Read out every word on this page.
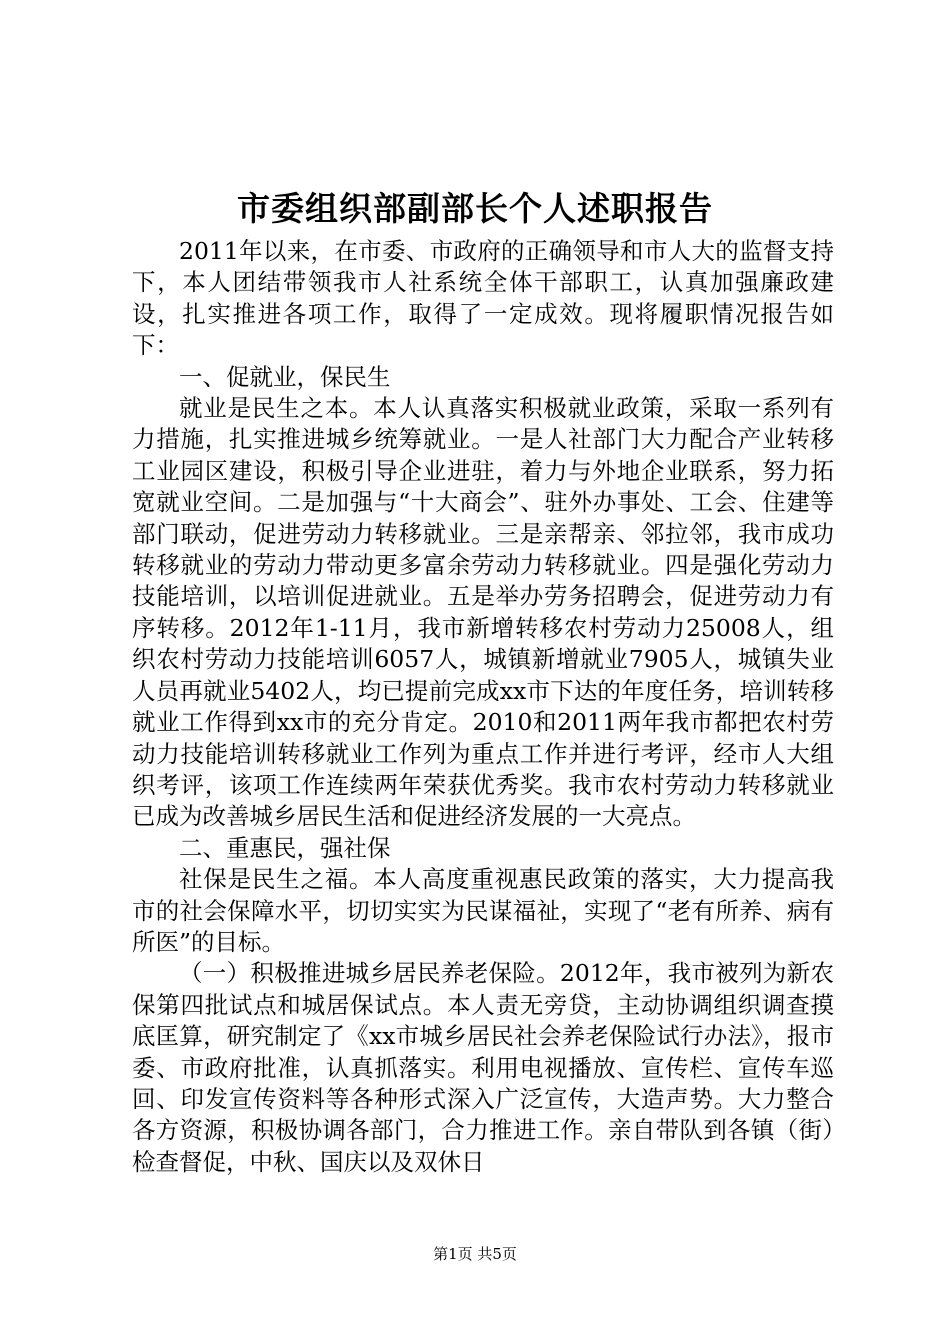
市委组织部副部长个人述职报告

2011年以来，在市委、市政府的正确领导和市人大的监督支持下，本人团结带领我市人社系统全体干部职工，认真加强廉政建设，扎实推进各项工作，取得了一定成效。现将履职情况报告如下：

一、促就业，保民生

就业是民生之本。本人认真落实积极就业政策，采取一系列有力措施，扎实推进城乡统筹就业。一是人社部门大力配合产业转移工业园区建设，积极引导企业进驻，着力与外地企业联系，努力拓宽就业空间。二是加强与“十大商会”、驻外办事处、工会、住建等部门联动，促进劳动力转移就业。三是亲帮亲、邻拉邻，我市成功转移就业的劳动力带动更多富余劳动力转移就业。四是强化劳动力技能培训，以培训促进就业。五是举办劳务招聘会，促进劳动力有序转移。2012年1-11月，我市新增转移农村劳动力25008人，组织农村劳动力技能培训6057人，城镇新增就业7905人，城镇失业人员再就业5402人，均已提前完成xx市下达的年度任务，培训转移就业工作得到xx市的充分肯定。2010和2011两年我市都把农村劳动力技能培训转移就业工作列为重点工作并进行考评，经市人大组织考评，该项工作连续两年荣获优秀奖。我市农村劳动力转移就业已成为改善城乡居民生活和促进经济发展的一大亮点。

二、重惠民，强社保

社保是民生之福。本人高度重视惠民政策的落实，大力提高我市的社会保障水平，切切实实为民谋福祉，实现了“老有所养、病有所医”的目标。

（一）积极推进城乡居民养老保险。2012年，我市被列为新农保第四批试点和城居保试点。本人责无旁贷，主动协调组织调查摸底匡算，研究制定了《xx市城乡居民社会养老保险试行办法》，报市委、市政府批准，认真抓落实。利用电视播放、宣传栏、宣传车巡回、印发宣传资料等各种形式深入广泛宣传，大造声势。大力整合各方资源，积极协调各部门，合力推进工作。亲自带队到各镇（街）检查督促，中秋、国庆以及双休日

第1页 共5页
